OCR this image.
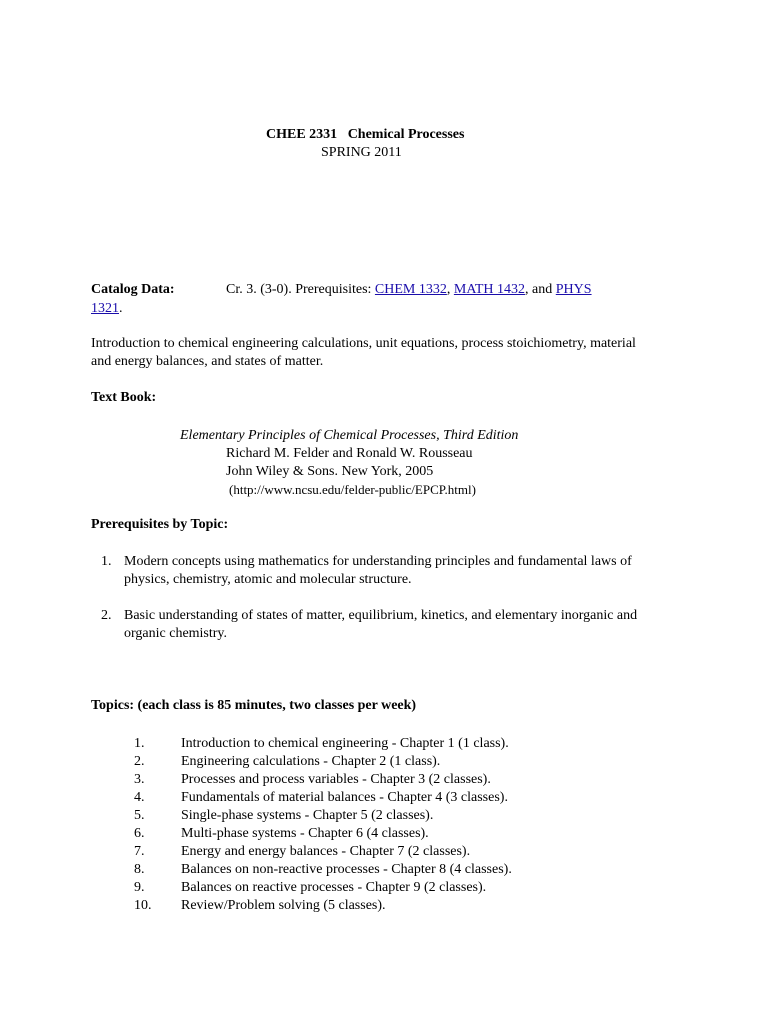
CHEE 2331 Chemical Processes
SPRING 2011
Catalog Data:	Cr. 3. (3-0). Prerequisites: CHEM 1332, MATH 1432, and PHYS
1321.
Introduction to chemical engineering calculations, unit equations, process stoichiometry, material and energy balances, and states of matter.
Text Book:
Elementary Principles of Chemical Processes, Third Edition
Richard M. Felder and Ronald W. Rousseau
John Wiley & Sons. New York, 2005
(http://www.ncsu.edu/felder-public/EPCP.html)
Prerequisites by Topic:
1. Modern concepts using mathematics for understanding principles and fundamental laws of physics, chemistry, atomic and molecular structure.
2. Basic understanding of states of matter, equilibrium, kinetics, and elementary inorganic and organic chemistry.
Topics: (each class is 85 minutes, two classes per week)
1.	Introduction to chemical engineering - Chapter 1 (1 class).
2.	Engineering calculations - Chapter 2 (1 class).
3.	Processes and process variables - Chapter 3 (2 classes).
4.	Fundamentals of material balances - Chapter 4 (3 classes).
5.	Single-phase systems - Chapter 5 (2 classes).
6.	Multi-phase systems - Chapter 6 (4 classes).
7.	Energy and energy balances - Chapter 7 (2 classes).
8.	Balances on non-reactive processes - Chapter 8 (4 classes).
9.	Balances on reactive processes - Chapter 9 (2 classes).
10.	Review/Problem solving (5 classes).
